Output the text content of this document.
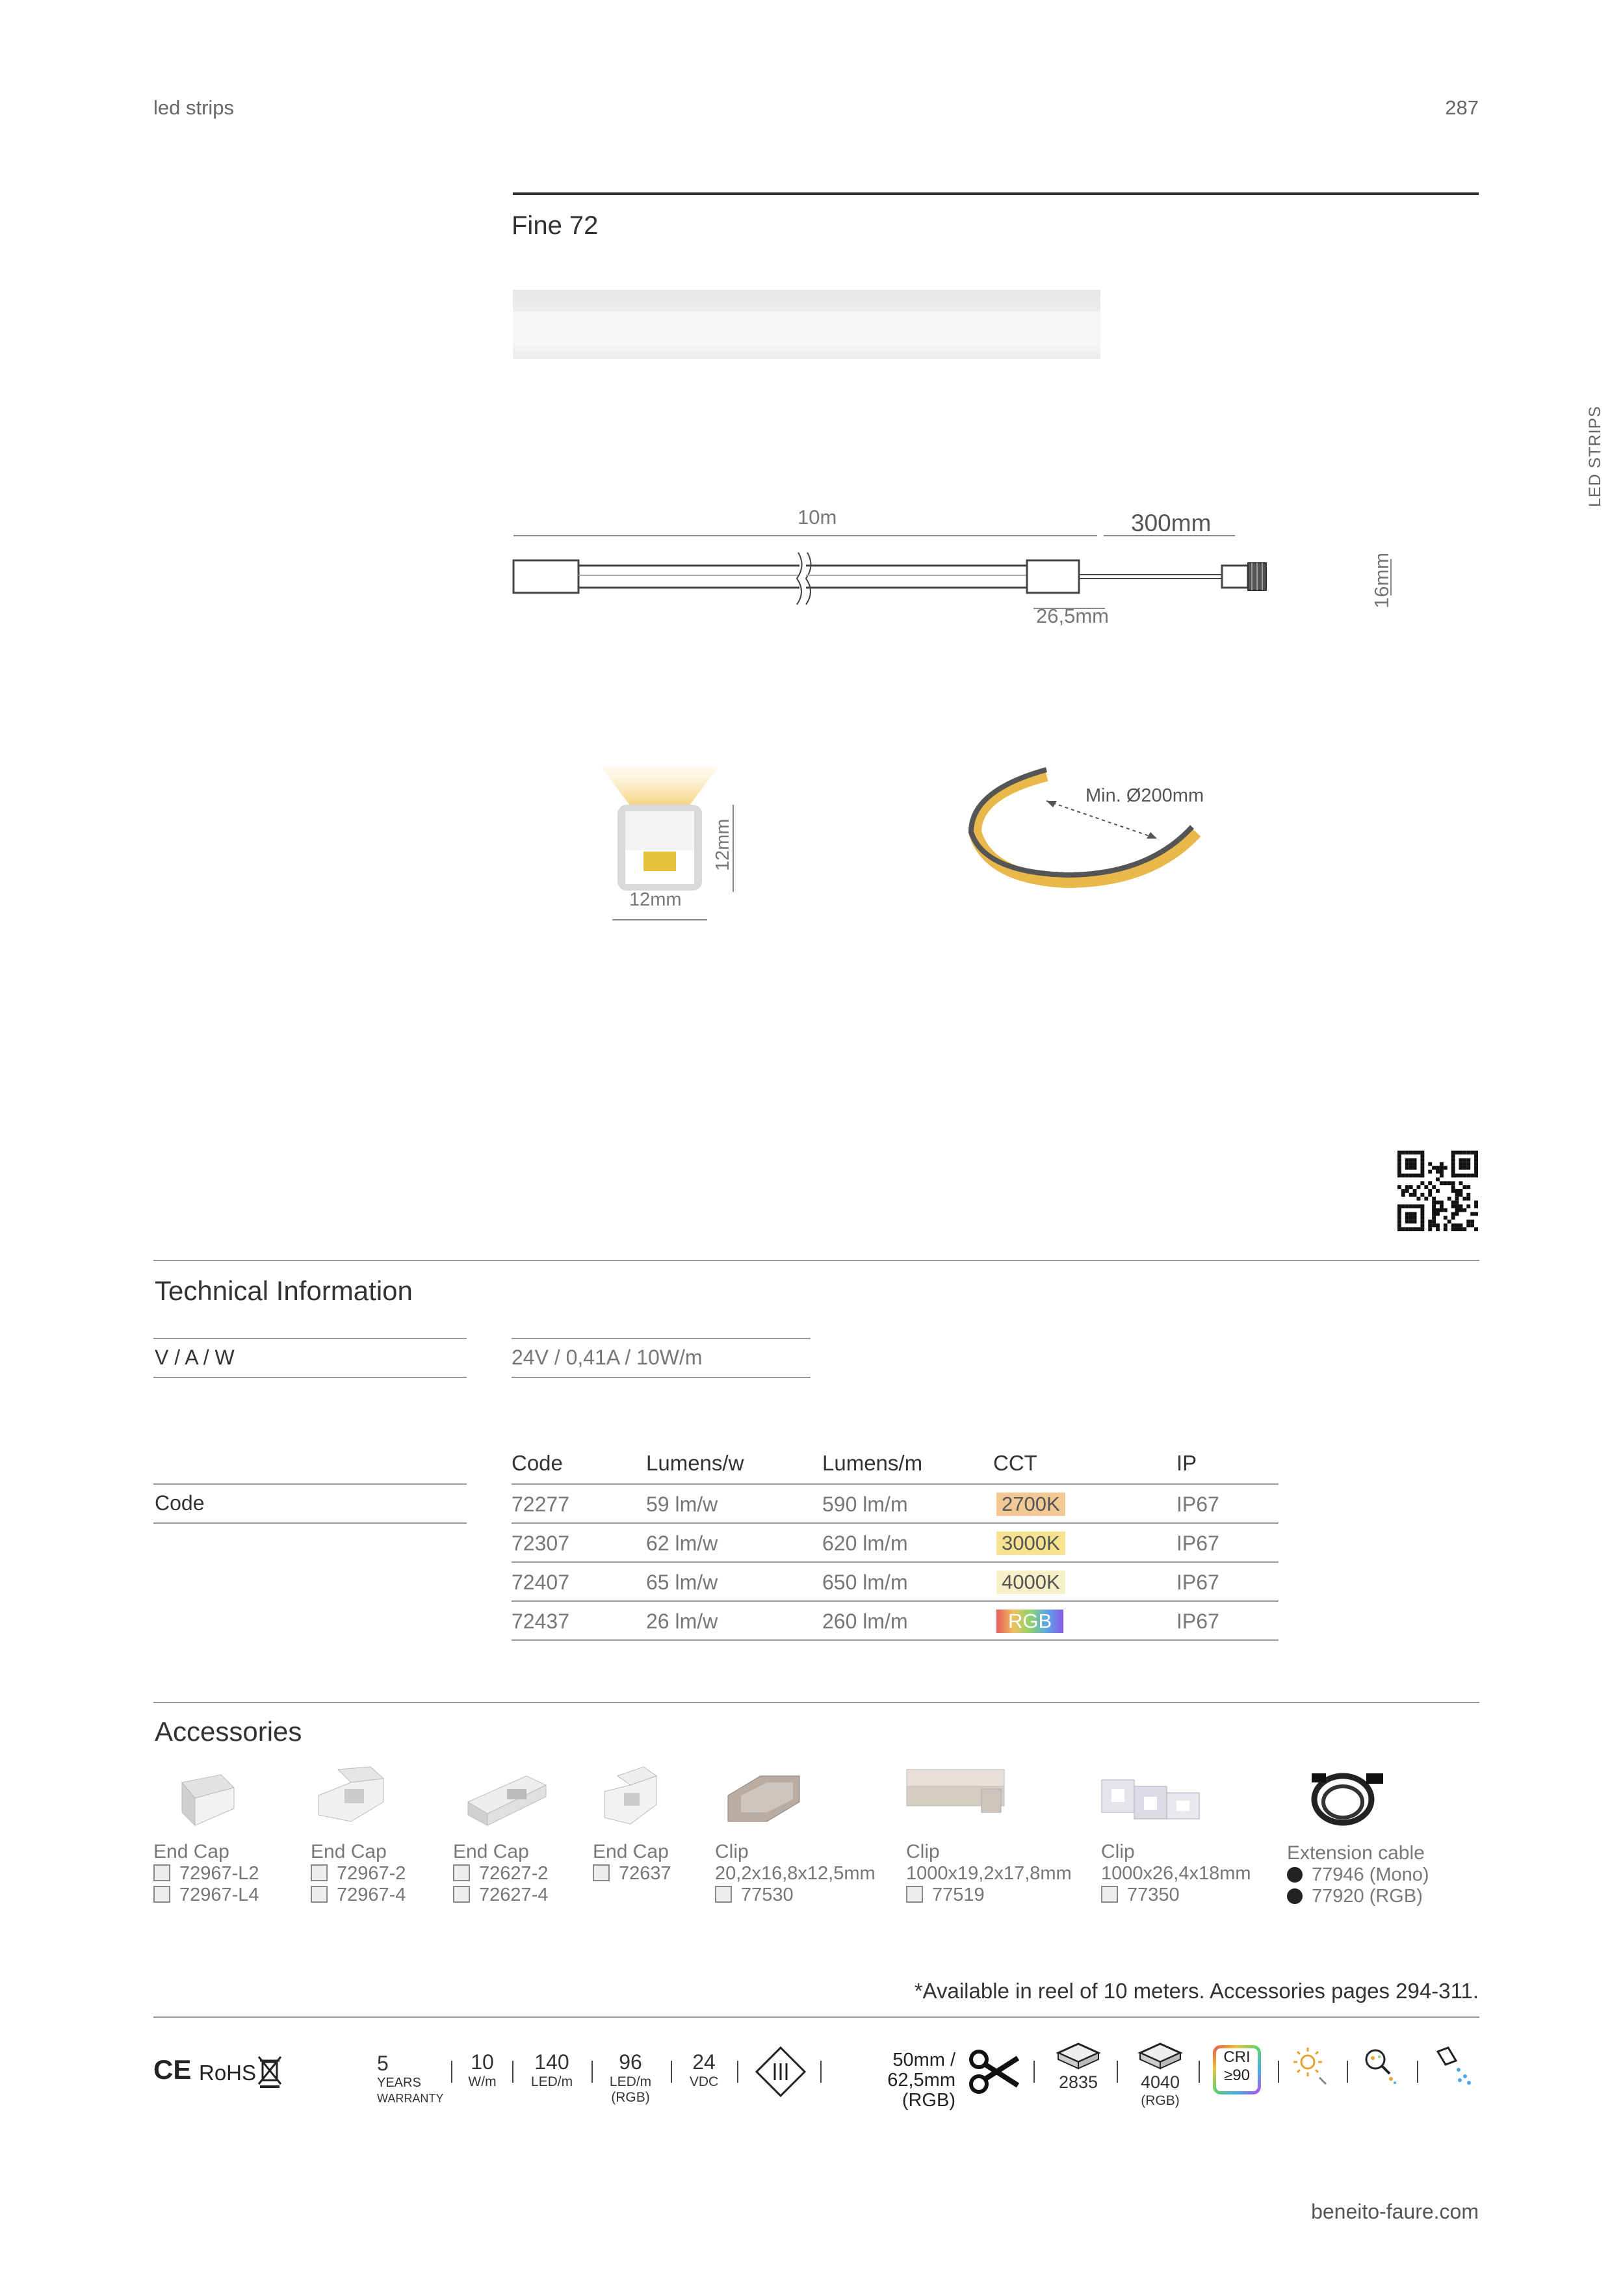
led strips	287
LED STRIPS
Fine 72
10m	300mm
26,5mm
16mm
12mm
12mm
Min. Ø200mm
Technical Information
V / A / W	24V / 0,41A / 10W/m
Code
Code	Lumens/w	Lumens/m	CCT	IP
72277	59 lm/w	590 lm/m	2700K	IP67
72307	62 lm/w	620 lm/m	3000K	IP67
72407	65 lm/w	650 lm/m	4000K	IP67
72437	26 lm/w	260 lm/m	RGB	IP67
Accessories
End Cap
72967-L2
72967-L4
End Cap
72967-2
72967-4
End Cap
72627-2
72627-4
End Cap
72637
Clip
20,2x16,8x12,5mm
77530
Clip
1000x19,2x17,8mm
77519
Clip
1000x26,4x18mm
77350
Extension cable
77946 (Mono)
77920 (RGB)
*Available in reel of 10 meters. Accessories pages 294-311.
CE RoHS	5 YEARS
WARRANTY
10
W/m
140
LED/m
96
LED/m
(RGB)
24
VDC
50mm /
62,5mm (RGB)
2835 4040
(RGB)
CRI
≥90
beneito-faure.com
